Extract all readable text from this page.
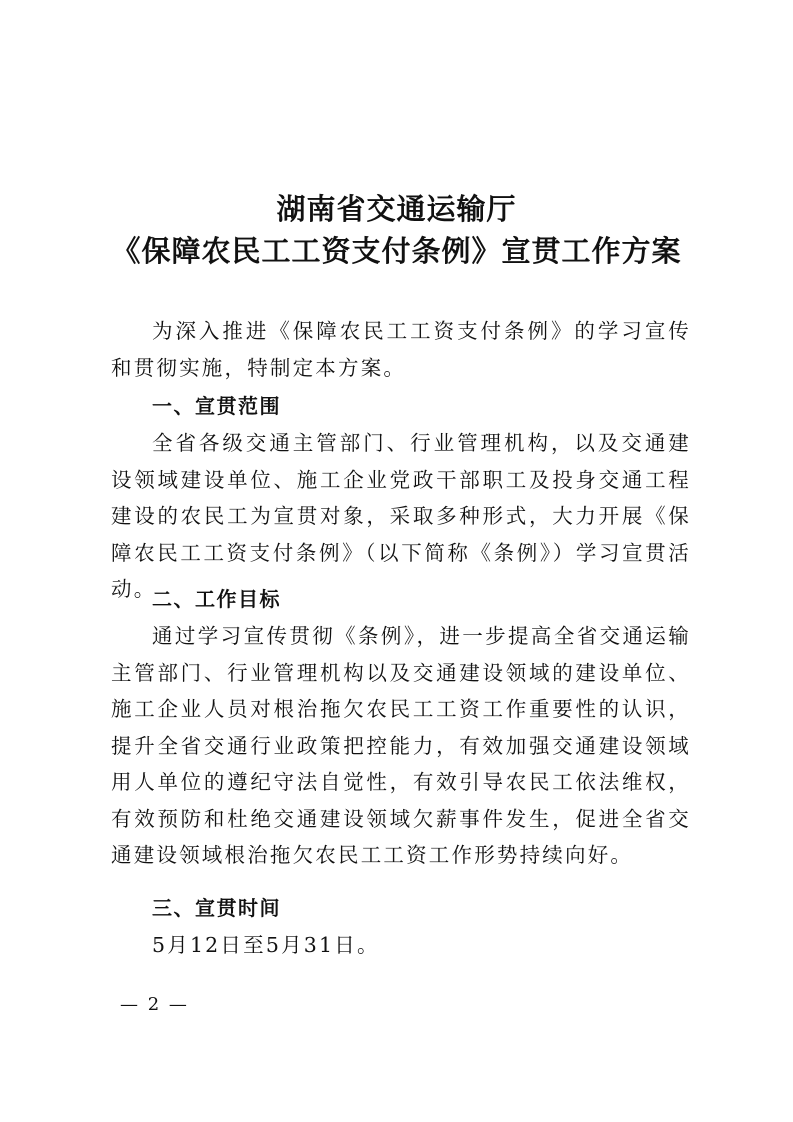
湖南省交通运输厅
《保障农民工工资支付条例》宣贯工作方案

为深入推进《保障农民工工资支付条例》的学习宣传和贯彻实施，特制定本方案。

一、宣贯范围

全省各级交通主管部门、行业管理机构，以及交通建设领域建设单位、施工企业党政干部职工及投身交通工程建设的农民工为宣贯对象，采取多种形式，大力开展《保障农民工工资支付条例》（以下简称《条例》）学习宣贯活动。

二、工作目标

通过学习宣传贯彻《条例》，进一步提高全省交通运输主管部门、行业管理机构以及交通建设领域的建设单位、施工企业人员对根治拖欠农民工工资工作重要性的认识，提升全省交通行业政策把控能力，有效加强交通建设领域用人单位的遵纪守法自觉性，有效引导农民工依法维权，有效预防和杜绝交通建设领域欠薪事件发生，促进全省交通建设领域根治拖欠农民工工资工作形势持续向好。

三、宣贯时间

5月12日至5月31日。

— 2 —
